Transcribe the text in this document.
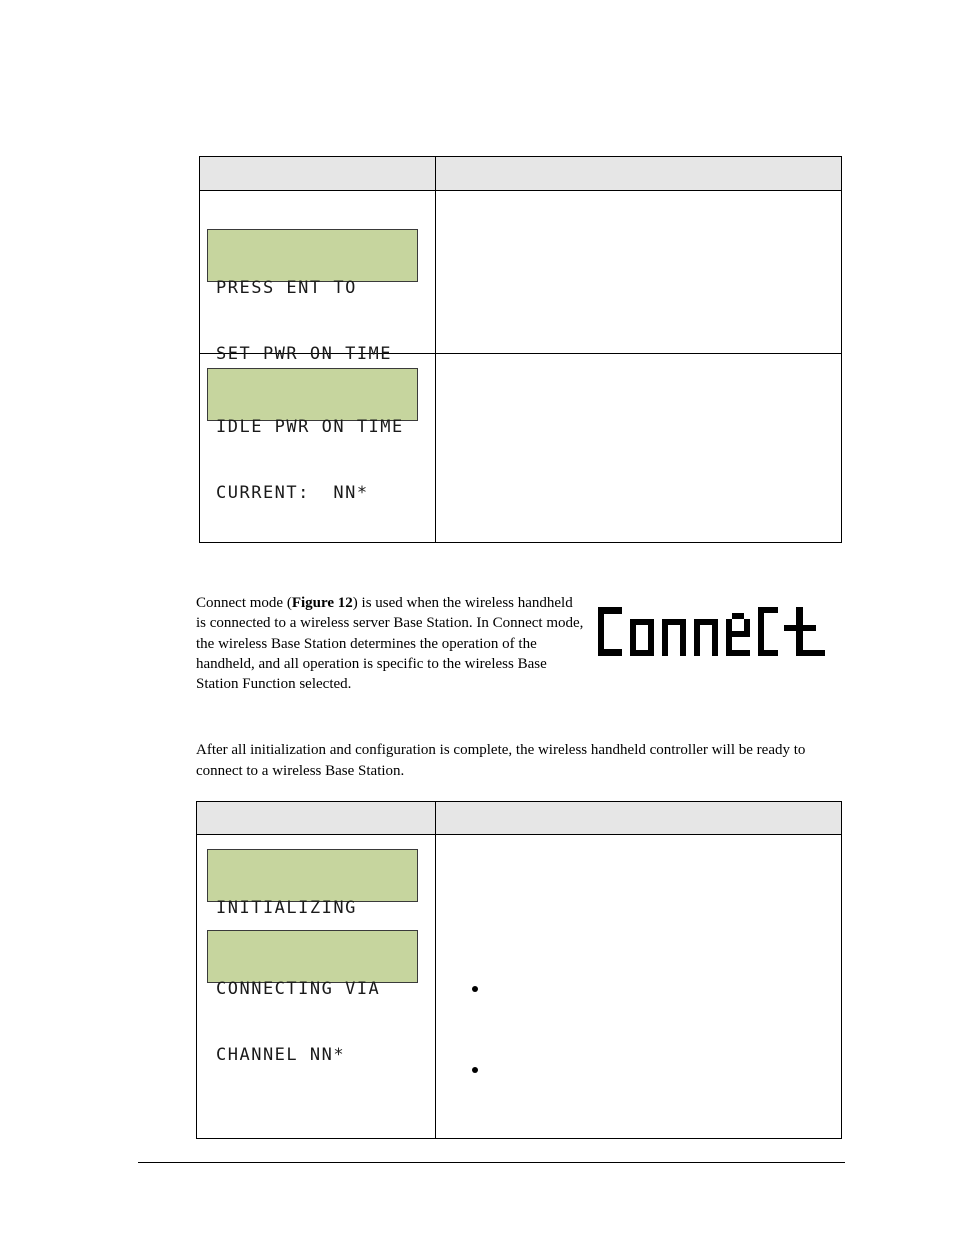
PRESS ENT TO

SET PWR ON TIME

IDLE PWR ON TIME

CURRENT:  NN*

Connect mode (Figure 12) is used when the wireless handheld is connected to a wireless server Base Station. In Connect mode, the wireless Base Station determines the operation of the handheld, and all operation is specific to the wireless Base Station Function selected.
After all initialization and configuration is complete, the wireless handheld controller will be ready to connect to a wireless Base Station.

INITIALIZING

CONNECTING VIA

CHANNEL NN*
